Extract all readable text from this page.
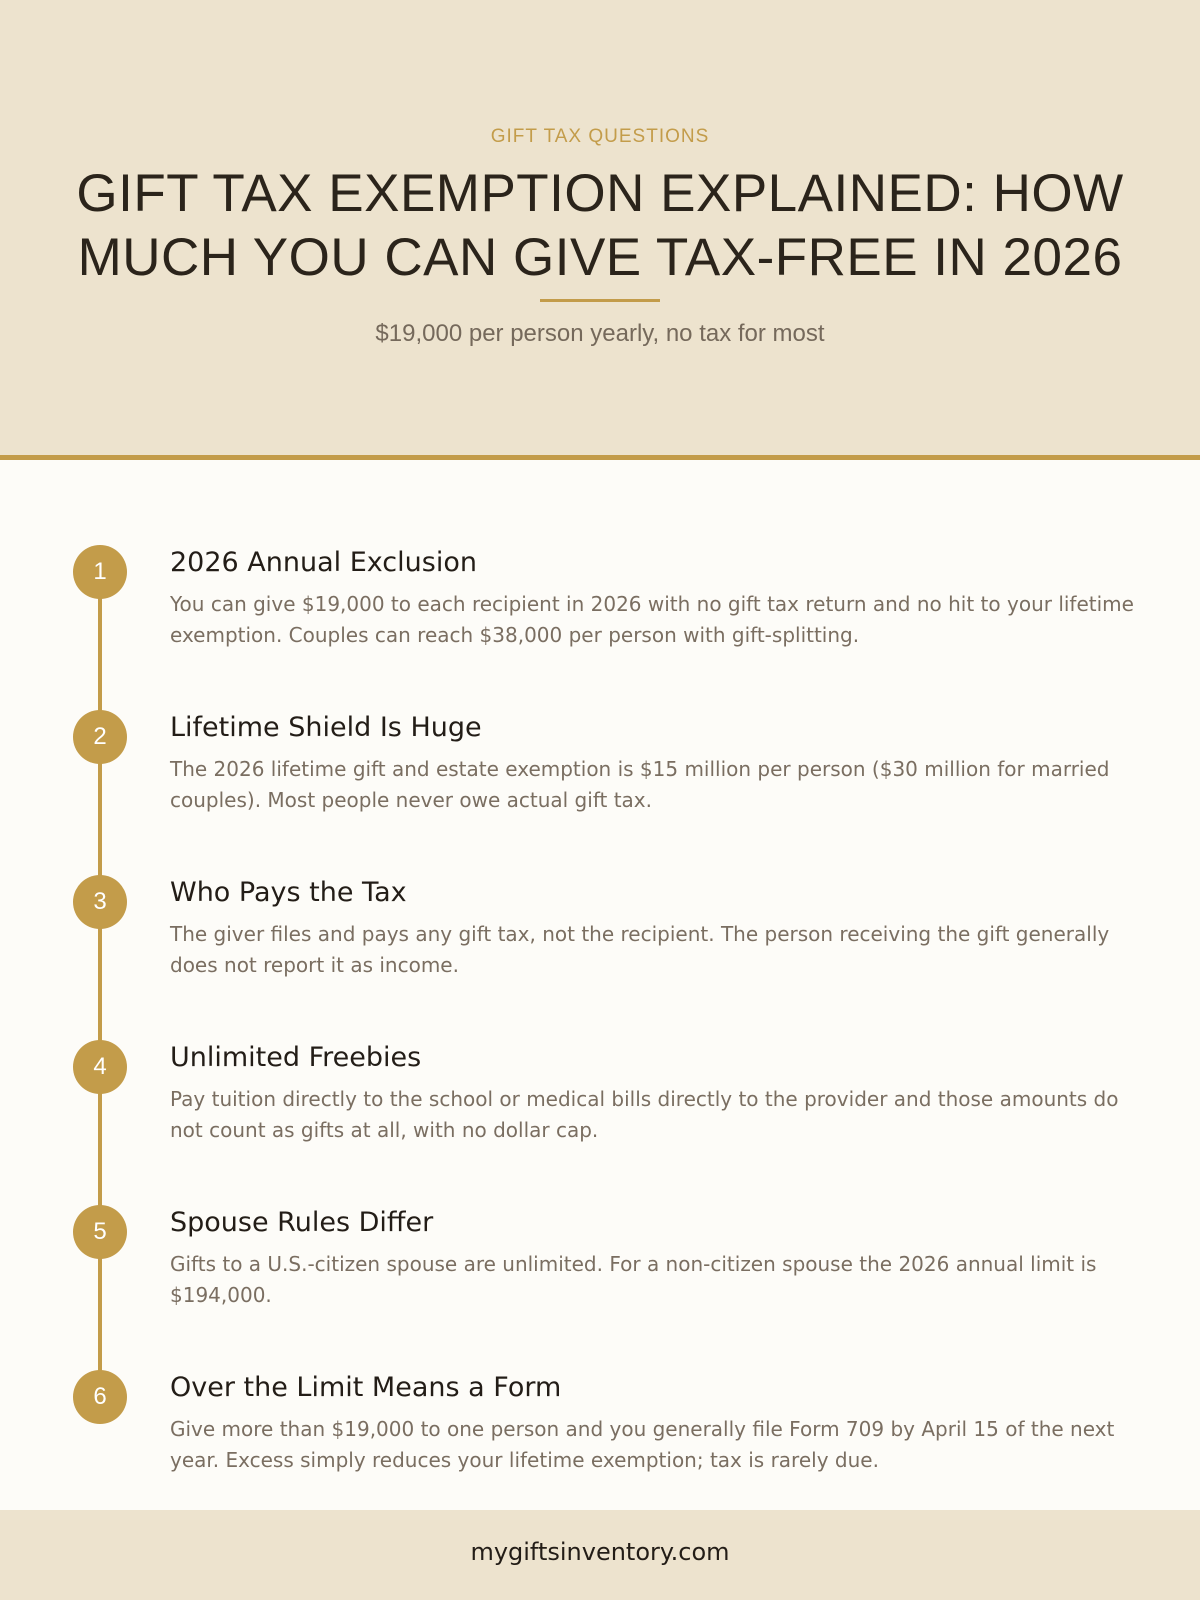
GIFT TAX QUESTIONS
GIFT TAX EXEMPTION EXPLAINED: HOW MUCH YOU CAN GIVE TAX-FREE IN 2026
$19,000 per person yearly, no tax for most
1	2026 Annual Exclusion
You can give $19,000 to each recipient in 2026 with no gift tax return and no hit to your lifetime exemption. Couples can reach $38,000 per person with gift-splitting.
2	Lifetime Shield Is Huge
The 2026 lifetime gift and estate exemption is $15 million per person ($30 million for married couples). Most people never owe actual gift tax.
3	Who Pays the Tax
The giver files and pays any gift tax, not the recipient. The person receiving the gift generally does not report it as income.
4	Unlimited Freebies
Pay tuition directly to the school or medical bills directly to the provider and those amounts do not count as gifts at all, with no dollar cap.
5	Spouse Rules Differ
Gifts to a U.S.-citizen spouse are unlimited. For a non-citizen spouse the 2026 annual limit is $194,000.
6	Over the Limit Means a Form
Give more than $19,000 to one person and you generally file Form 709 by April 15 of the next year. Excess simply reduces your lifetime exemption; tax is rarely due.
mygiftsinventory.com
